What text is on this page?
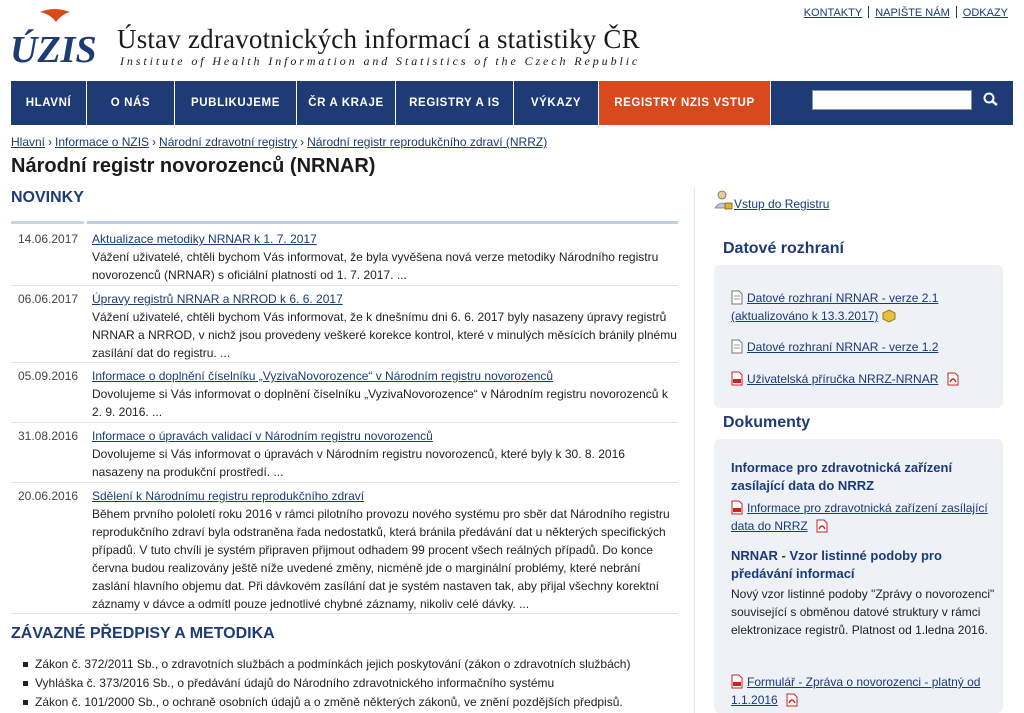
ÚZIS Ústav zdravotnických informací a statistiky ČR
Institute of Health Information and Statistics of the Czech Republic
KONTAKTY NAPIŠTE NÁM ODKAZY
HLAVNÍ	O NÁS	PUBLIKUJEME	ČR A KRAJE	REGISTRY A IS	VÝKAZY	REGISTRY NZIS VSTUP
Hlavní › Informace o NZIS › Národní zdravotní registry › Národní registr reprodukčního zdraví (NRRZ)
Národní registr novorozenců (NRNAR)
NOVINKY
14.06.2017 Aktualizace metodiky NRNAR k 1. 7. 2017
Vážení uživatelé, chtěli bychom Vás informovat, že byla vyvěšena nová verze metodiky Národního registru novorozenců (NRNAR) s oficiální platností od 1. 7. 2017. ...
06.06.2017 Úpravy registrů NRNAR a NRROD k 6. 6. 2017
Vážení uživatelé, chtěli bychom Vás informovat, že k dnešnímu dni 6. 6. 2017 byly nasazeny úpravy registrů NRNAR a NRROD, v nichž jsou provedeny veškeré korekce kontrol, které v minulých měsících bránily plnému zasílání dat do registru. ...
05.09.2016 Informace o doplnění číselníku „VyzivaNovorozence“ v Národním registru novorozenců
Dovolujeme si Vás informovat o doplnění číselníku „VyzivaNovorozence“ v Národním registru novorozenců k 2. 9. 2016. ...
31.08.2016 Informace o úpravách validací v Národním registru novorozenců
Dovolujeme si Vás informovat o úpravách v Národním registru novorozenců, které byly k 30. 8. 2016 nasazeny na produkční prostředí. ...
20.06.2016 Sdělení k Národnímu registru reprodukčního zdraví
Během prvního pololetí roku 2016 v rámci pilotního provozu nového systému pro sběr dat Národního registru reprodukčního zdraví byla odstraněna řada nedostatků, která bránila předávání dat u některých specifických případů. V tuto chvíli je systém připraven přijmout odhadem 99 procent všech reálných případů. Do konce června budou realizovány ještě níže uvedené změny, nicméně jde o marginální problémy, které nebrání zaslání hlavního objemu dat. Při dávkovém zasílání dat je systém nastaven tak, aby přijal všechny korektní záznamy v dávce a odmítl pouze jednotlivé chybné záznamy, nikoliv celé dávky. ...
ZÁVAZNÉ PŘEDPISY A METODIKA
Zákon č. 372/2011 Sb., o zdravotních službách a podmínkách jejich poskytování (zákon o zdravotních službách)
Vyhláška č. 373/2016 Sb., o předávání údajů do Národního zdravotnického informačního systému
Zákon č. 101/2000 Sb., o ochraně osobních údajů a o změně některých zákonů, ve znění pozdějších předpisů.
Vstup do Registru
Datové rozhraní
Datové rozhraní NRNAR - verze 2.1 (aktualizováno k 13.3.2017)
Datové rozhraní NRNAR - verze 1.2
Uživatelská příručka NRRZ-NRNAR
Dokumenty
Informace pro zdravotnická zařízení zasílající data do NRRZ
Informace pro zdravotnická zařízení zasílající data do NRRZ
NRNAR - Vzor listinné podoby pro předávání informací
Nový vzor listinné podoby "Zprávy o novorozenci" související s obměnou datové struktury v rámci elektronizace registrů. Platnost od 1.ledna 2016.
Formulář - Zpráva o novorozenci - platný od 1.1.2016
